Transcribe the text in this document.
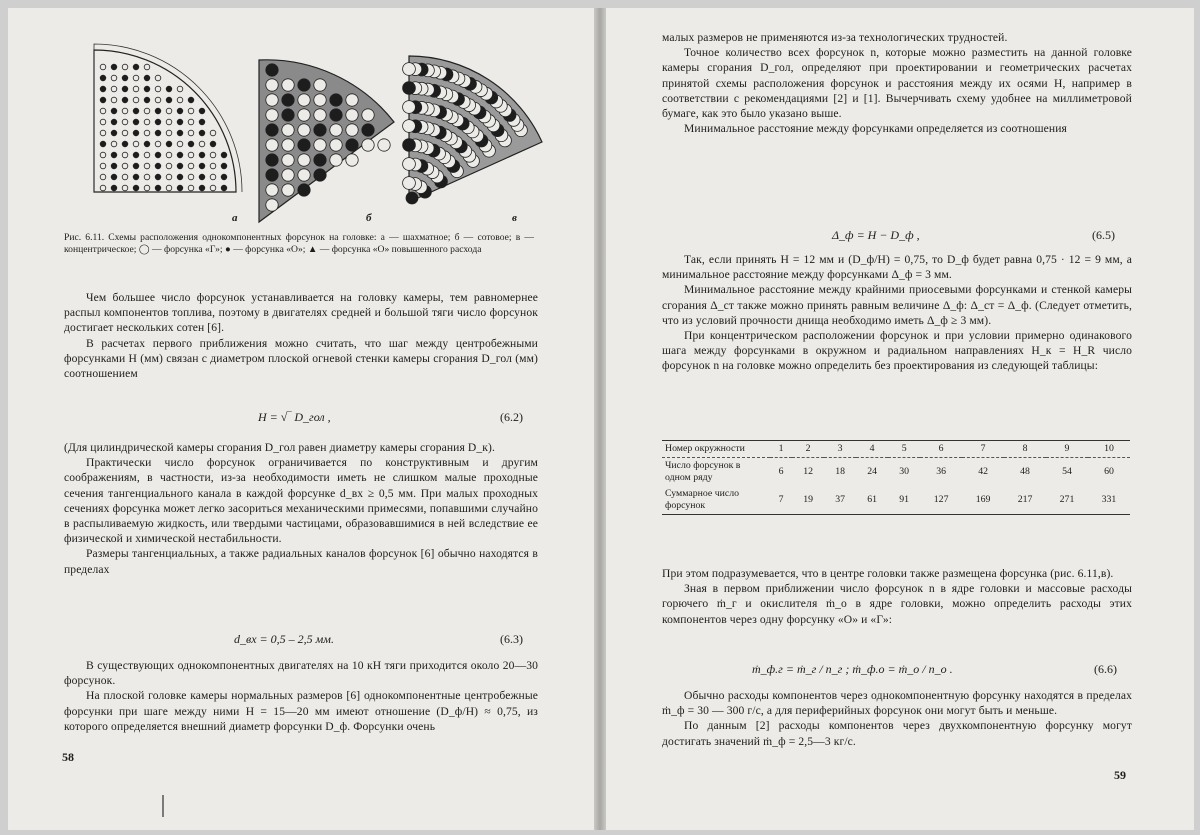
а	б	в
Рис. 6.11. Схемы расположения однокомпонентных форсунок на головке: а — шахматное; б — сотовое; в — концентрическое; ◯ — форсунка «Г»; ● — форсунка «О»; ▲ — форсунка «О» повышенного расхода

Чем большее число форсунок устанавливается на головку камеры, тем равномернее распыл компонентов топлива, поэтому в двигателях средней и большой тяги число форсунок достигает нескольких сотен [6].

В расчетах первого приближения можно считать, что шаг между центробежными форсунками H (мм) связан с диаметром плоской огневой стенки камеры сгорания D_гол (мм) соотношением

H = √‾ D_гол ,	(6.2)

(Для цилиндрической камеры сгорания D_гол равен диаметру камеры сгорания D_к).

Практически число форсунок ограничивается по конструктивным и другим соображениям, в частности, из-за необходимости иметь не слишком малые проходные сечения тангенциального канала в каждой форсунке d_вх ≥ 0,5 мм. При малых проходных сечениях форсунка может легко засориться механическими примесями, попавшими случайно в распыливаемую жидкость, или твердыми частицами, образовавшимися в ней вследствие ее физической и химической нестабильности.

Размеры тангенциальных, а также радиальных каналов форсунок [6] обычно находятся в пределах

d_вх = 0,5 – 2,5 мм.	(6.3)

В существующих однокомпонентных двигателях на 10 кН тяги приходится около 20—30 форсунок.

На плоской головке камеры нормальных размеров [6] однокомпонентные центробежные форсунки при шаге между ними H = 15—20 мм имеют отношение (D_ф/H) ≈ 0,75, из которого определяется внешний диаметр форсунки D_ф. Форсунки очень

58

малых размеров не применяются из-за технологических трудностей.

Точное количество всех форсунок n, которые можно разместить на данной головке камеры сгорания D_гол, определяют при проектировании и геометрических расчетах принятой схемы расположения форсунок и расстояния между их осями H, например в соответствии с рекомендациями [2] и [1]. Вычерчивать схему удобнее на миллиметровой бумаге, как это было указано выше.

Минимальное расстояние между форсунками определяется из соотношения

Δ_ф = H − D_ф ,	(6.5)

Так, если принять H = 12 мм и (D_ф/H) = 0,75, то D_ф будет равна 0,75 · 12 = 9 мм, а минимальное расстояние между форсунками Δ_ф = 3 мм.

Минимальное расстояние между крайними приосевыми форсунками и стенкой камеры сгорания Δ_ст также можно принять равным величине Δ_ф: Δ_ст = Δ_ф. (Следует отметить, что из условий прочности днища необходимо иметь Δ_ф ≥ 3 мм).

При концентрическом расположении форсунок и при условии примерно одинакового шага между форсунками в окружном и радиальном направлениях H_к = H_R число форсунок n на головке можно определить без проектирования из следующей таблицы:

Номер окружности	1	2	3	4	5	6	7	8	9	10
Число форсунок в одном ряду	6	12	18	24	30	36	42	48	54	60
Суммарное число форсунок	7	19	37	61	91	127	169	217	271	331

При этом подразумевается, что в центре головки также размещена форсунка (рис. 6.11,в).

Зная в первом приближении число форсунок n в ядре головки и массовые расходы горючего ṁ_г и окислителя ṁ_о в ядре головки, можно определить расходы этих компонентов через одну форсунку «О» и «Г»:

ṁ_ф.г = ṁ_г / n_г ; ṁ_ф.о = ṁ_о / n_о .	(6.6)

Обычно расходы компонентов через однокомпонентную форсунку находятся в пределах ṁ_ф = 30 — 300 г/с, а для периферийных форсунок они могут быть и меньше.

По данным [2] расходы компонентов через двухкомпонентную форсунку могут достигать значений ṁ_ф = 2,5—3 кг/с.

59
